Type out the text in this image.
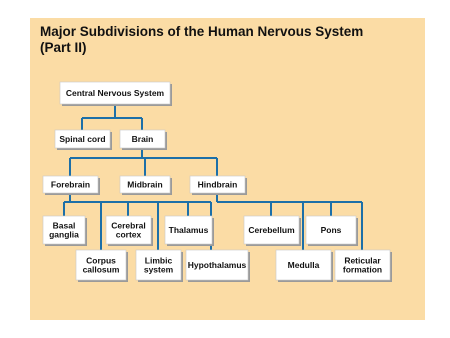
Major Subdivisions of the Human Nervous System
(Part II)
Central Nervous System
Spinal cord	Brain
Forebrain	Midbrain	Hindbrain
Basal
ganglia
Cerebral
cortex	Thalamus	Cerebellum	Pons
Corpus
callosum
Limbic
system Hypothalamus	Medulla	Reticular
formation
